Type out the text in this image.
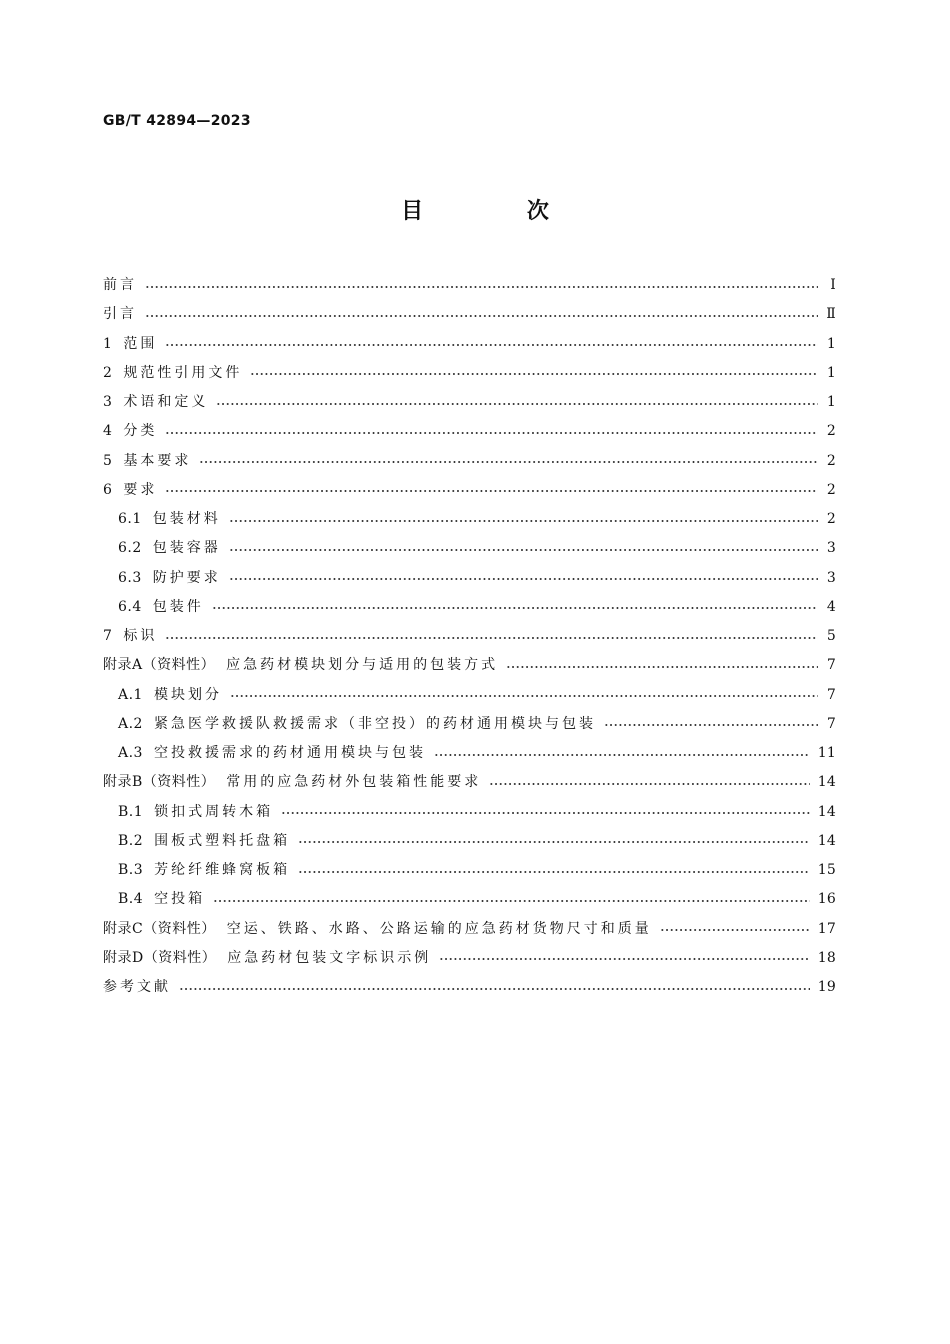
GB/T 42894—2023
目 次
前言	Ⅰ
引言	Ⅱ
1 范围	1
2 规范性引用文件	1
3 术语和定义	1
4 分类	2
5 基本要求	2
6 要求	2
6.1 包装材料	2
6.2 包装容器	3
6.3 防护要求	3
6.4 包装件	4
7 标识	5
附录A（资料性） 应急药材模块划分与适用的包装方式	7
A.1 模块划分	7
A.2 紧急医学救援队救援需求（非空投）的药材通用模块与包装	7
A.3 空投救援需求的药材通用模块与包装	11
附录B（资料性） 常用的应急药材外包装箱性能要求	14
B.1 锁扣式周转木箱	14
B.2 围板式塑料托盘箱	14
B.3 芳纶纤维蜂窝板箱	15
B.4 空投箱	16
附录C（资料性） 空运、铁路、水路、公路运输的应急药材货物尺寸和质量	17
附录D（资料性） 应急药材包装文字标识示例	18
参考文献	19
